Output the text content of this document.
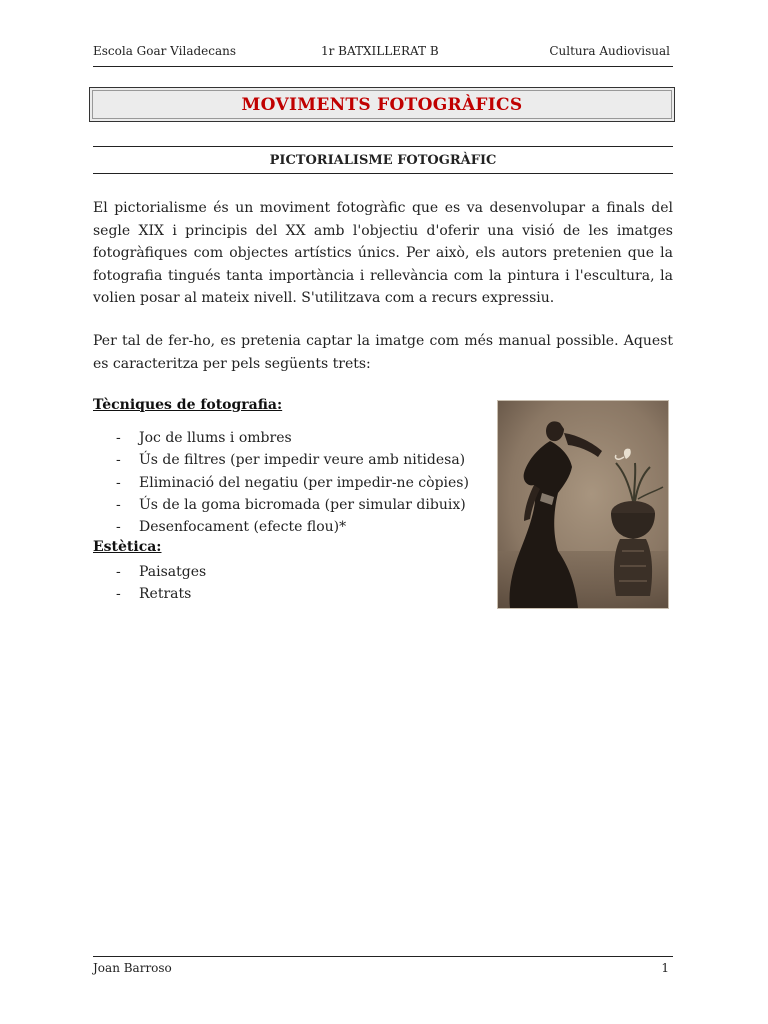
Escola Goar Viladecans	1r BATXILLERAT B	Cultura Audiovisual
MOVIMENTS FOTOGRÀFICS
PICTORIALISME FOTOGRÀFIC

El pictorialisme és un moviment fotogràfic que es va desenvolupar a finals del segle XIX i principis del XX amb l'objectiu d'oferir una visió de les imatges fotogràfiques com objectes artístics únics. Per això, els autors pretenien que la fotografia tingués tanta importància i rellevància com la pintura i l'escultura, la volien posar al mateix nivell. S'utilitzava com a recurs expressiu.

Per tal de fer-ho, es pretenia captar la imatge com més manual possible. Aquest es caracteritza per pels següents trets:

Tècniques de fotografia:
- Joc de llums i ombres
- Ús de filtres (per impedir veure amb nitidesa)
- Eliminació del negatiu (per impedir-ne còpies)
- Ús de la goma bicromada (per simular dibuix)
- Desenfocament (efecte flou)*
Estètica:
- Paisatges
- Retrats
Joan Barroso	1
